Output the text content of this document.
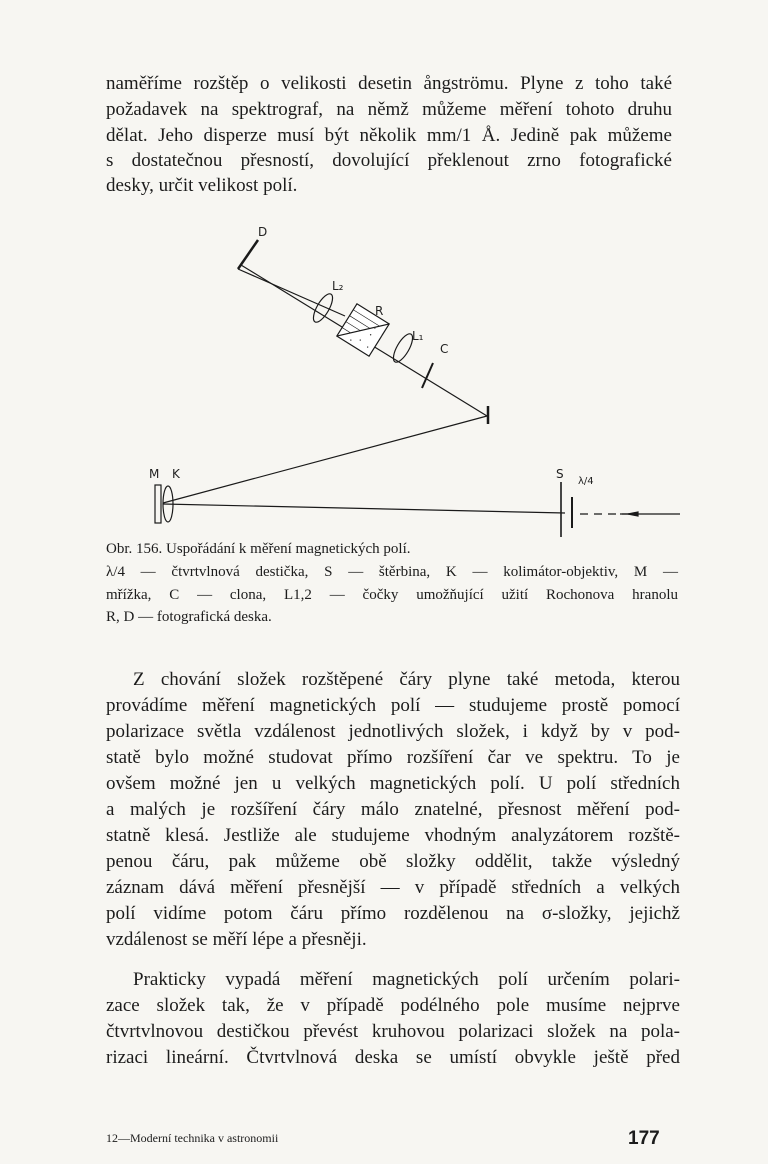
naměříme rozštěp o velikosti desetin ångströmu. Plyne z toho také
požadavek na spektrograf, na němž můžeme měření tohoto druhu
dělat. Jeho disperze musí být několik mm/1 Å. Jedině pak můžeme
s dostatečnou přesností, dovolující překlenout zrno fotografické
desky, určit velikost polí.
D
L₂
R
L₁
C
M K	S
λ/4
Obr. 156. Uspořádání k měření magnetických polí.
λ/4 — čtvrtvlnová destička, S — štěrbina, K — kolimátor-objektiv, M —
mřížka, C — clona, L1,2 — čočky umožňující užití Rochonova hranolu
R, D — fotografická deska.
Z chování složek rozštěpené čáry plyne také metoda, kterou
provádíme měření magnetických polí — studujeme prostě pomocí
polarizace světla vzdálenost jednotlivých složek, i když by v pod-
statě bylo možné studovat přímo rozšíření čar ve spektru. To je
ovšem možné jen u velkých magnetických polí. U polí středních
a malých je rozšíření čáry málo znatelné, přesnost měření pod-
statně klesá. Jestliže ale studujeme vhodným analyzátorem rozště-
penou čáru, pak můžeme obě složky oddělit, takže výsledný
záznam dává měření přesnější — v případě středních a velkých
polí vidíme potom čáru přímo rozdělenou na σ-složky, jejichž
vzdálenost se měří lépe a přesněji.
Prakticky vypadá měření magnetických polí určením polari-
zace složek tak, že v případě podélného pole musíme nejprve
čtvrtvlnovou destičkou převést kruhovou polarizaci složek na pola-
rizaci lineární. Čtvrtvlnová deska se umístí obvykle ještě před
12—Moderní technika v astronomii	177
